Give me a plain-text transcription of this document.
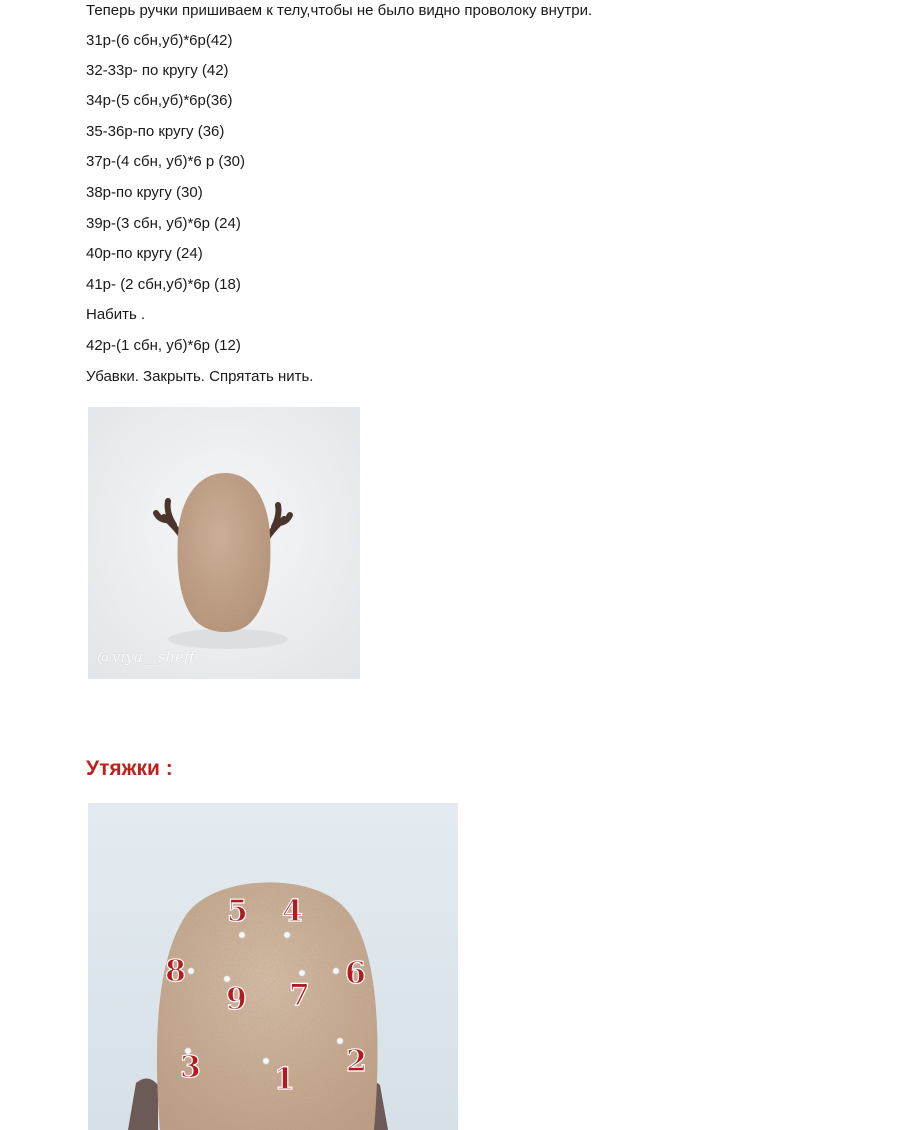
Теперь ручки пришиваем к телу,чтобы не было видно проволоку внутри.
31р-(6 сбн,уб)*6р(42)
32-33р- по кругу (42)
34р-(5 сбн,уб)*6р(36)
35-36р-по кругу (36)
37р-(4 сбн, уб)*6 р (30)
38р-по кругу (30)
39р-(3 сбн, уб)*6р (24)
40р-по кругу (24)
41р- (2 сбн,уб)*6р (18)
Набить .
42р-(1 сбн, уб)*6р (12)
Убавки. Закрыть. Спрятать нить.
@viya__sheff
Утяжки :
5 4
8
9 7
6
3 1
2
